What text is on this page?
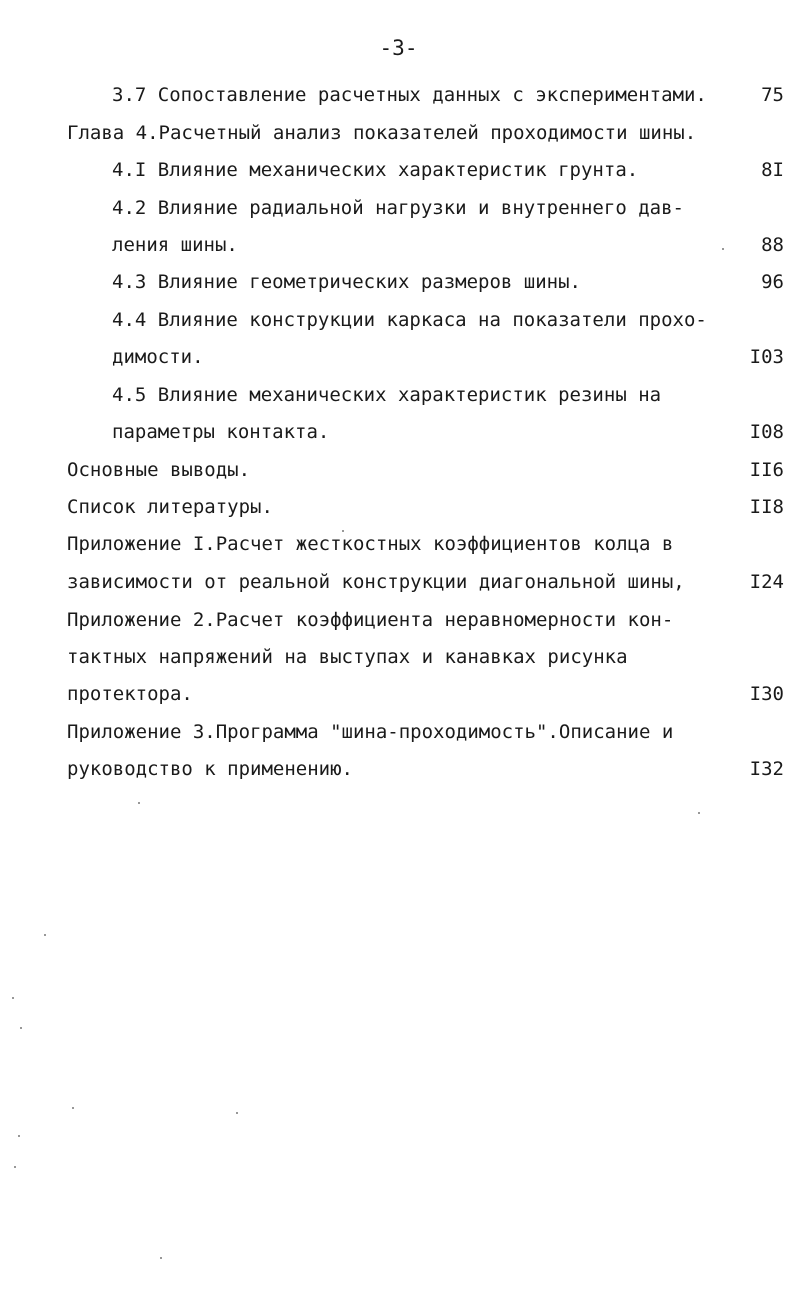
-3-
3.7 Сопоставление расчетных данных с экспериментами.	75
Глава 4.Расчетный анализ показателей проходимости шины.
4.I Влияние механических характеристик грунта.	8I
4.2 Влияние радиальной нагрузки и внутреннего дав-
ления шины.	88
4.3 Влияние геометрических размеров шины.	96
4.4 Влияние конструкции каркаса на показатели прохо-
димости.	I03
4.5 Влияние механических характеристик резины на
параметры контакта.	I08
Основные выводы.	II6
Список литературы.	II8
Приложение I.Расчет жесткостных коэффициентов колца в
зависимости от реальной конструкции диагональной шины,	I24
Приложение 2.Расчет коэффициента неравномерности кон-
тактных напряжений на выступах и канавках рисунка
протектора.	I30
Приложение 3.Программа "шина-проходимость".Описание и
руководство к применению.	I32
